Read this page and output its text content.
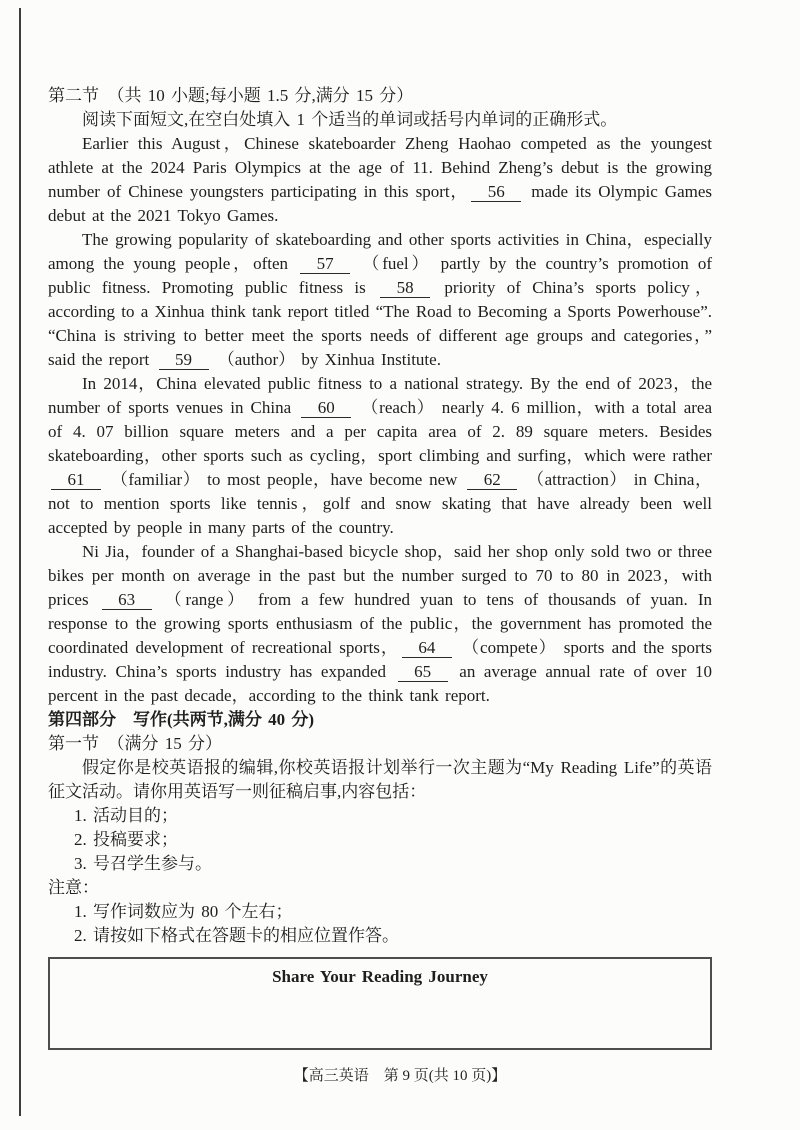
第二节　（共 10 小题;每小题 1.5 分,满分 15 分）
阅读下面短文,在空白处填入 1 个适当的单词或括号内单词的正确形式。

Earlier this August，Chinese skateboarder Zheng Haohao competed as the youngest athlete at the 2024 Paris Olympics at the age of 11. Behind Zheng’s debut is the growing number of Chinese youngsters participating in this sport， 56 made its Olympic Games debut at the 2021 Tokyo Games.

The growing popularity of skateboarding and other sports activities in China，especially among the young people，often 57 （fuel） partly by the country’s promotion of public fitness. Promoting public fitness is 58 priority of China’s sports policy，according to a Xinhua think tank report titled “The Road to Becoming a Sports Powerhouse”. “China is striving to better meet the sports needs of different age groups and categories，” said the report 59 （author） by Xinhua Institute.

In 2014，China elevated public fitness to a national strategy. By the end of 2023，the number of sports venues in China 60 （reach） nearly 4. 6 million，with a total area of 4. 07 billion square meters and a per capita area of 2. 89 square meters. Besides skateboarding，other sports such as cycling，sport climbing and surfing，which were rather 61 （familiar） to most people，have become new 62 （attraction） in China，not to mention sports like tennis，golf and snow skating that have already been well accepted by people in many parts of the country.

Ni Jia，founder of a Shanghai-based bicycle shop，said her shop only sold two or three bikes per month on average in the past but the number surged to 70 to 80 in 2023，with prices 63 （range） from a few hundred yuan to tens of thousands of yuan. In response to the growing sports enthusiasm of the public，the government has promoted the coordinated development of recreational sports， 64 （compete） sports and the sports industry. China’s sports industry has expanded 65 an average annual rate of over 10 percent in the past decade，according to the think tank report.

第四部分　写作(共两节,满分 40 分)
第一节　（满分 15 分）

假定你是校英语报的编辑,你校英语报计划举行一次主题为“My Reading Life”的英语征文活动。请你用英语写一则征稿启事,内容包括：

1. 活动目的；
2. 投稿要求；
3. 号召学生参与。
注意：
1. 写作词数应为 80 个左右；
2. 请按如下格式在答题卡的相应位置作答。
Share Your Reading Journey
【高三英语　第 9 页(共 10 页)】
